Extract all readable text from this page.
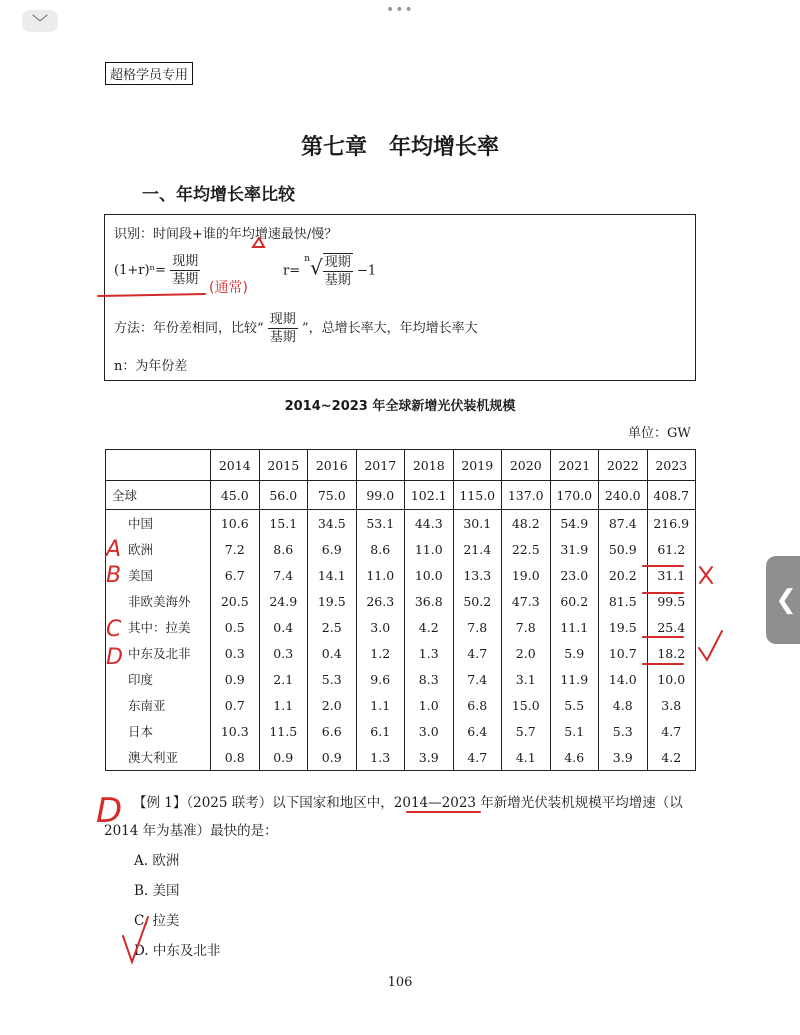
﹀
•••
❮
超格学员专用
第七章　年均增长率
一、年均增长率比较
识别：时间段+谁的年均增速最快/慢？
$(1+r)^n= \frac{\text{现期}}{\text{基期}}$	$r= ^n√ \frac{\text{现期}}{\text{基期}} -1$
(通常)
方法：年份差相同，比较“ $\frac{\text{现期}}{\text{基期}}$ ”，总增长率大，年均增长率大
n：为年份差
2014~2023 年全球新增光伏装机规模
单位：GW
	2014	2015	2016	2017	2018	2019	2020	2021	2022	2023
全球	45.0	56.0	75.0	99.0	102.1	115.0	137.0	170.0	240.0	408.7
中国	10.6	15.1	34.5	53.1	44.3	30.1	48.2	54.9	87.4	216.9
欧洲	7.2	8.6	6.9	8.6	11.0	21.4	22.5	31.9	50.9	61.2
美国	6.7	7.4	14.1	11.0	10.0	13.3	19.0	23.0	20.2	31.1
非欧美海外	20.5	24.9	19.5	26.3	36.8	50.2	47.3	60.2	81.5	99.5
其中：拉美	0.5	0.4	2.5	3.0	4.2	7.8	7.8	11.1	19.5	25.4
中东及北非	0.3	0.3	0.4	1.2	1.3	4.7	2.0	5.9	10.7	18.2
印度	0.9	2.1	5.3	9.6	8.3	7.4	3.1	11.9	14.0	10.0
东南亚	0.7	1.1	2.0	1.1	1.0	6.8	15.0	5.5	4.8	3.8
日本	10.3	11.5	6.6	6.1	3.0	6.4	5.7	5.1	5.3	4.7
澳大利亚	0.8	0.9	0.9	1.3	3.9	4.7	4.1	4.6	3.9	4.2
【例 1】（2025 联考）以下国家和地区中，2014—2023 年新增光伏装机规模平均增速（以
2014 年为基准）最快的是：
A. 欧洲
B. 美国
C. 拉美
D. 中东及北非
106
A
B
C
D
D
